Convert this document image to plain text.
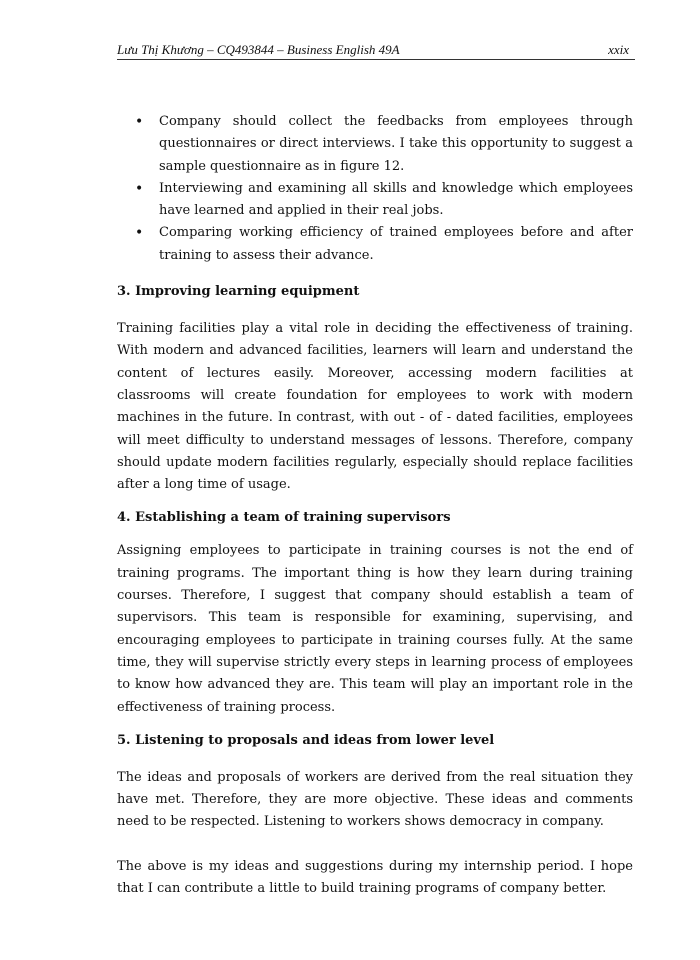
Lưu Thị Khương – CQ493844 – Business English 49A	xxix
• Company should collect the feedbacks from employees through questionnaires or direct interviews. I take this opportunity to suggest a sample questionnaire as in figure 12.
• Interviewing and examining all skills and knowledge which employees have learned and applied in their real jobs.
• Comparing working efficiency of trained employees before and after training to assess their advance.
3. Improving learning equipment

Training facilities play a vital role in deciding the effectiveness of training. With modern and advanced facilities, learners will learn and understand the content of lectures easily. Moreover, accessing modern facilities at classrooms will create foundation for employees to work with modern machines in the future. In contrast, with out - of - dated facilities, employees will meet difficulty to understand messages of lessons. Therefore, company should update modern facilities regularly, especially should replace facilities after a long time of usage.

4. Establishing a team of training supervisors

Assigning employees to participate in training courses is not the end of training programs. The important thing is how they learn during training courses. Therefore, I suggest that company should establish a team of supervisors. This team is responsible for examining, supervising, and encouraging employees to participate in training courses fully. At the same time, they will supervise strictly every steps in learning process of employees to know how advanced they are. This team will play an important role in the effectiveness of training process.

5. Listening to proposals and ideas from lower level

The ideas and proposals of workers are derived from the real situation they have met. Therefore, they are more objective. These ideas and comments need to be respected. Listening to workers shows democracy in company.

The above is my ideas and suggestions during my internship period. I hope that I can contribute a little to build training programs of company better.
